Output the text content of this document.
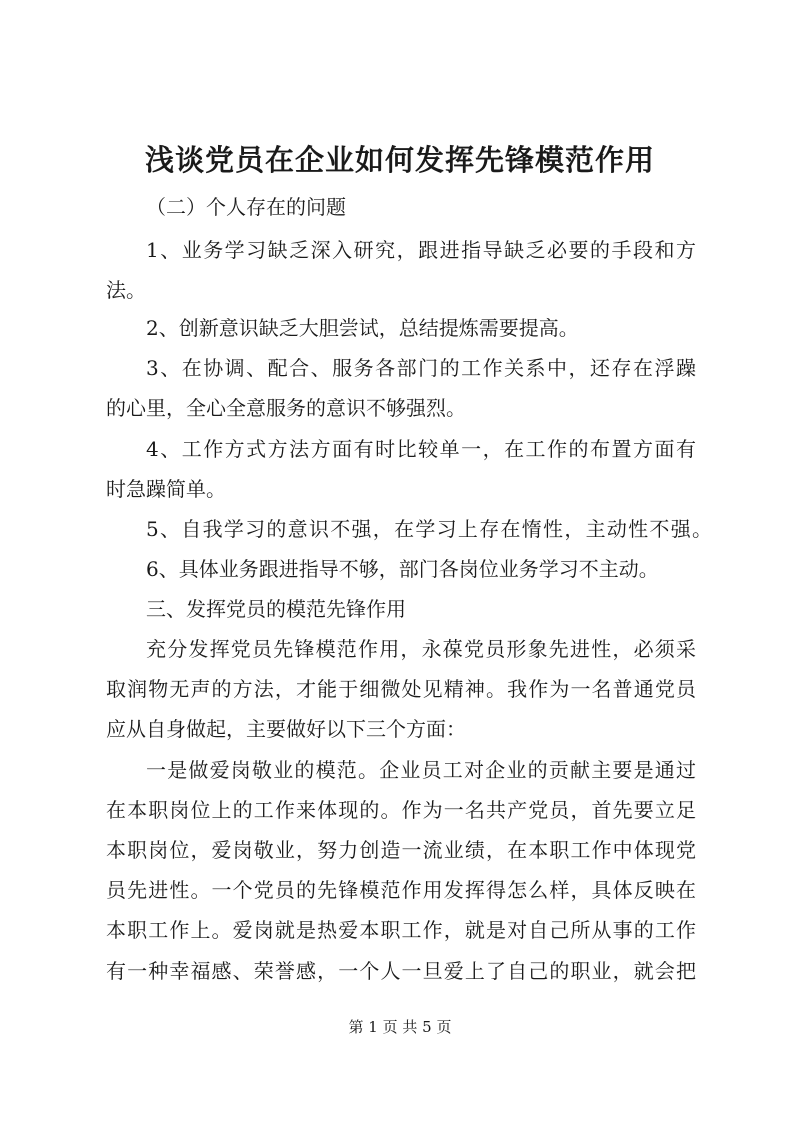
浅谈党员在企业如何发挥先锋模范作用
（二）个人存在的问题
1、业务学习缺乏深入研究，跟进指导缺乏必要的手段和方
法。
2、创新意识缺乏大胆尝试，总结提炼需要提高。
3、在协调、配合、服务各部门的工作关系中，还存在浮躁
的心里，全心全意服务的意识不够强烈。
4、工作方式方法方面有时比较单一，在工作的布置方面有
时急躁简单。
5、自我学习的意识不强，在学习上存在惰性，主动性不强。
6、具体业务跟进指导不够，部门各岗位业务学习不主动。
三、发挥党员的模范先锋作用
充分发挥党员先锋模范作用，永葆党员形象先进性，必须采
取润物无声的方法，才能于细微处见精神。我作为一名普通党员
应从自身做起，主要做好以下三个方面：
一是做爱岗敬业的模范。企业员工对企业的贡献主要是通过
在本职岗位上的工作来体现的。作为一名共产党员，首先要立足
本职岗位，爱岗敬业，努力创造一流业绩，在本职工作中体现党
员先进性。一个党员的先锋模范作用发挥得怎么样，具体反映在
本职工作上。爱岗就是热爱本职工作，就是对自己所从事的工作
有一种幸福感、荣誉感，一个人一旦爱上了自己的职业，就会把
第 1 页 共 5 页
